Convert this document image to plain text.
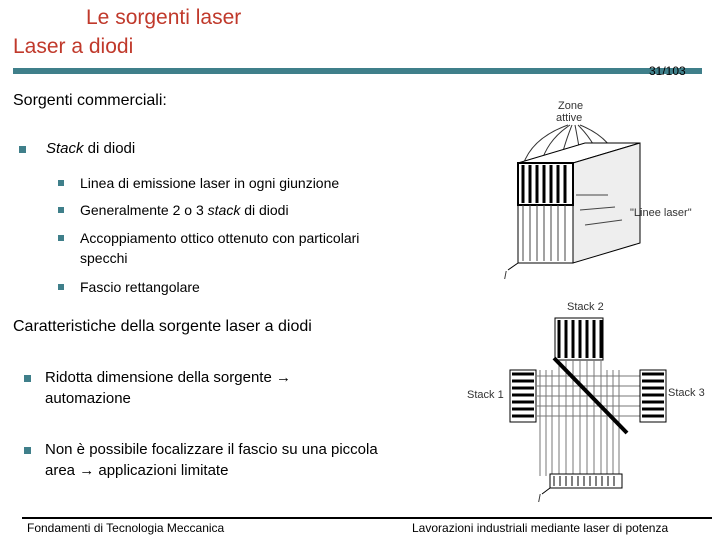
Le sorgenti laser
Laser a diodi
31/103
Sorgenti commerciali:
Stack di diodi
Linea di emissione laser in ogni giunzione
Generalmente 2 o 3 stack di diodi
Accoppiamento ottico ottenuto con particolari
specchi
Fascio rettangolare
Caratteristiche della sorgente laser a diodi
Ridotta dimensione della sorgente →
automazione
Non è possibile focalizzare il fascio su una piccola
area → applicazioni limitate
Zone
attive
l
"Linee laser"
Stack 2
Stack 1	Stack 3
l
Fondamenti di Tecnologia Meccanica	Lavorazioni industriali mediante laser di potenza
